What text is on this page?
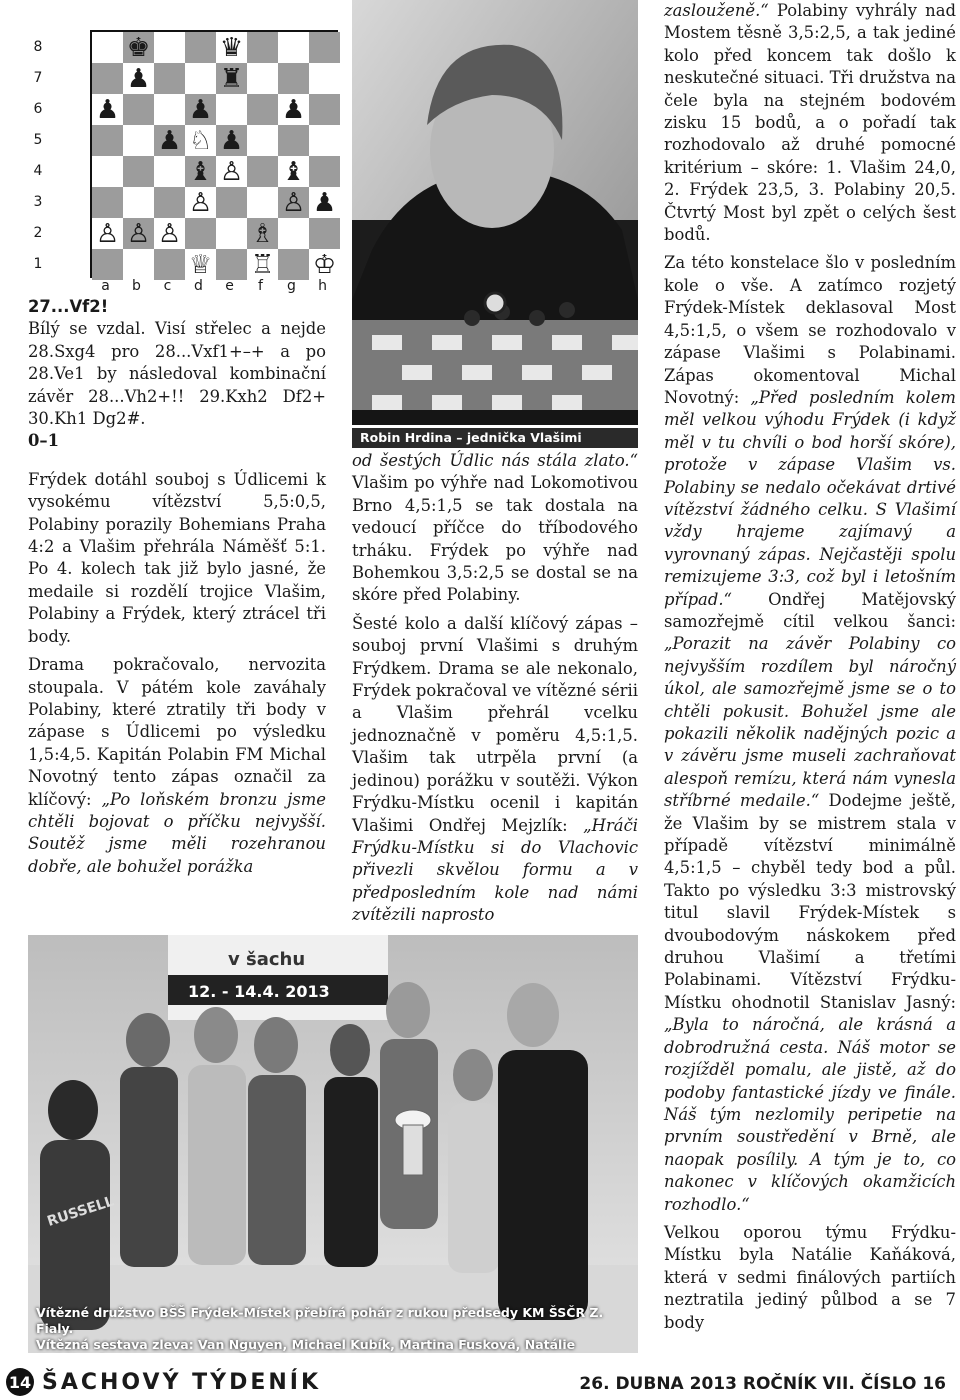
8
7
6
5
4
3
2
1
♚	♛
♟	♜
♟	♟	♟
♟ ♘ ♟
♝ ♙ ♝
♙	♙ ♟
♙ ♙ ♙	♗
♕ ♖ ♔
a	b	c	d	e	f	g	h

27...Vf2!
Bílý se vzdal. Visí střelec a nejde 28.Sxg4 pro 28...Vxf1+–+ a po 28.Ve1 by následoval kombinační závěr 28...Vh2+!! 29.Kxh2 Df2+ 30.Kh1 Dg2#.
0–1

Frýdek dotáhl souboj s Údlicemi k vysokému vítězství 5,5:0,5, Polabiny porazily Bohemians Praha 4:2 a Vlašim přehrála Náměšť 5:1. Po 4. kolech tak již bylo jasné, že medaile si rozdělí trojice Vlašim, Polabiny a Frýdek, který ztrácel tři body.

Drama pokračovalo, nervozita stoupala. V pátém kole zaváhaly Polabiny, které ztratily tři body v zápase s Údlicemi po výsledku 1,5:4,5. Kapitán Polabin FM Michal Novotný tento zápas označil za klíčový: „Po loňském bronzu jsme chtěli bojovat o příčku nejvyšší. Soutěž jsme měli rozehranou dobře, ale bohužel porážka

Robin Hrdina – jednička Vlašimi

od šestých Údlic nás stála zlato.“ Vlašim po výhře nad Lokomotivou Brno 4,5:1,5 se tak dostala na vedoucí příčce do tříbodového trháku. Frýdek po výhře nad Bohemkou 3,5:2,5 se dostal se na skóre před Polabiny.

Šesté kolo a další klíčový zápas – souboj první Vlašimi s druhým Frýdkem. Drama se ale nekonalo, Frýdek pokračoval ve vítězné sérii a Vlašim přehrál vcelku jednoznačně v poměru 4,5:1,5. Vlašim tak utrpěla první (a jedinou) porážku v soutěži. Výkon Frýdku-Místku ocenil i kapitán Vlašimi Ondřej Mejzlík: „Hráči Frýdku-Místku si do Vlachovic přivezli skvělou formu a v předposledním kole nad námi zvítězili naprosto

zaslouženě.“ Polabiny vyhrály nad Mostem těsně 3,5:2,5, a tak jediné kolo před koncem tak došlo k neskutečné situaci. Tři družstva na čele byla na stejném bodovém zisku 15 bodů, a o pořadí tak rozhodovalo až druhé pomocné kritérium – skóre: 1. Vlašim 24,0, 2. Frýdek 23,5, 3. Polabiny 20,5. Čtvrtý Most byl zpět o celých šest bodů.

Za této konstelace šlo v posledním kole o vše. A zatímco rozjetý Frýdek-Místek deklasoval Most 4,5:1,5, o všem se rozhodovalo v zápase Vlašimi s Polabinami. Zápas okomentoval Michal Novotný: „Před posledním kolem měl velkou výhodu Frýdek (i když měl v tu chvíli o bod horší skóre), protože v zápase Vlašim vs. Polabiny se nedalo očekávat drtivé vítězství žádného celku. S Vlašimí vždy hrajeme zajímavý a vyrovnaný zápas. Nejčastěji spolu remizujeme 3:3, což byl i letošním případ.“ Ondřej Matějovský samozřejmě cítil velkou šanci: „Porazit na závěr Polabiny co nejvyšším rozdílem byl náročný úkol, ale samozřejmě jsme se o to chtěli pokusit. Bohužel jsme ale pokazili několik nadějných pozic a v závěru jsme museli zachraňovat alespoň remízu, která nám vynesla stříbrné medaile.“ Dodejme ještě, že Vlašim by se mistrem stala v případě vítězství minimálně 4,5:1,5 – chyběl tedy bod a půl. Takto po výsledku 3:3 mistrovský titul slavil Frýdek-Místek s dvoubodovým náskokem před druhou Vlašimí a třetími Polabinami. Vítězství Frýdku-Místku ohodnotil Stanislav Jasný: „Byla to náročná, ale krásná a dobrodružná cesta. Náš motor se rozjížděl pomalu, ale jistě, až do podoby fantastické jízdy ve finále. Náš tým nezlomily peripetie na prvním soustředění v Brně, ale naopak posílily. A tým je to, co nakonec v klíčových okamžicích rozhodlo.“

Velkou oporou týmu Frýdku-Místku byla Natálie Kaňáková, která v sedmi finálových partiích neztratila jediný půlbod a se 7 body

v šachu
12. - 14.4. 2013
RUSSELL
Vítězné družstvo BŠŠ Frýdek-Místek přebírá pohár z rukou předsedy KM ŠSČR Z. Fialy.
Vítězná sestava zleva: Van Nguyen, Michael Kubík, Martina Fusková, Natálie
14 ŠACHOVÝ TÝDENÍK	26. DUBNA 2013 ROČNÍK VII. ČÍSLO 16
